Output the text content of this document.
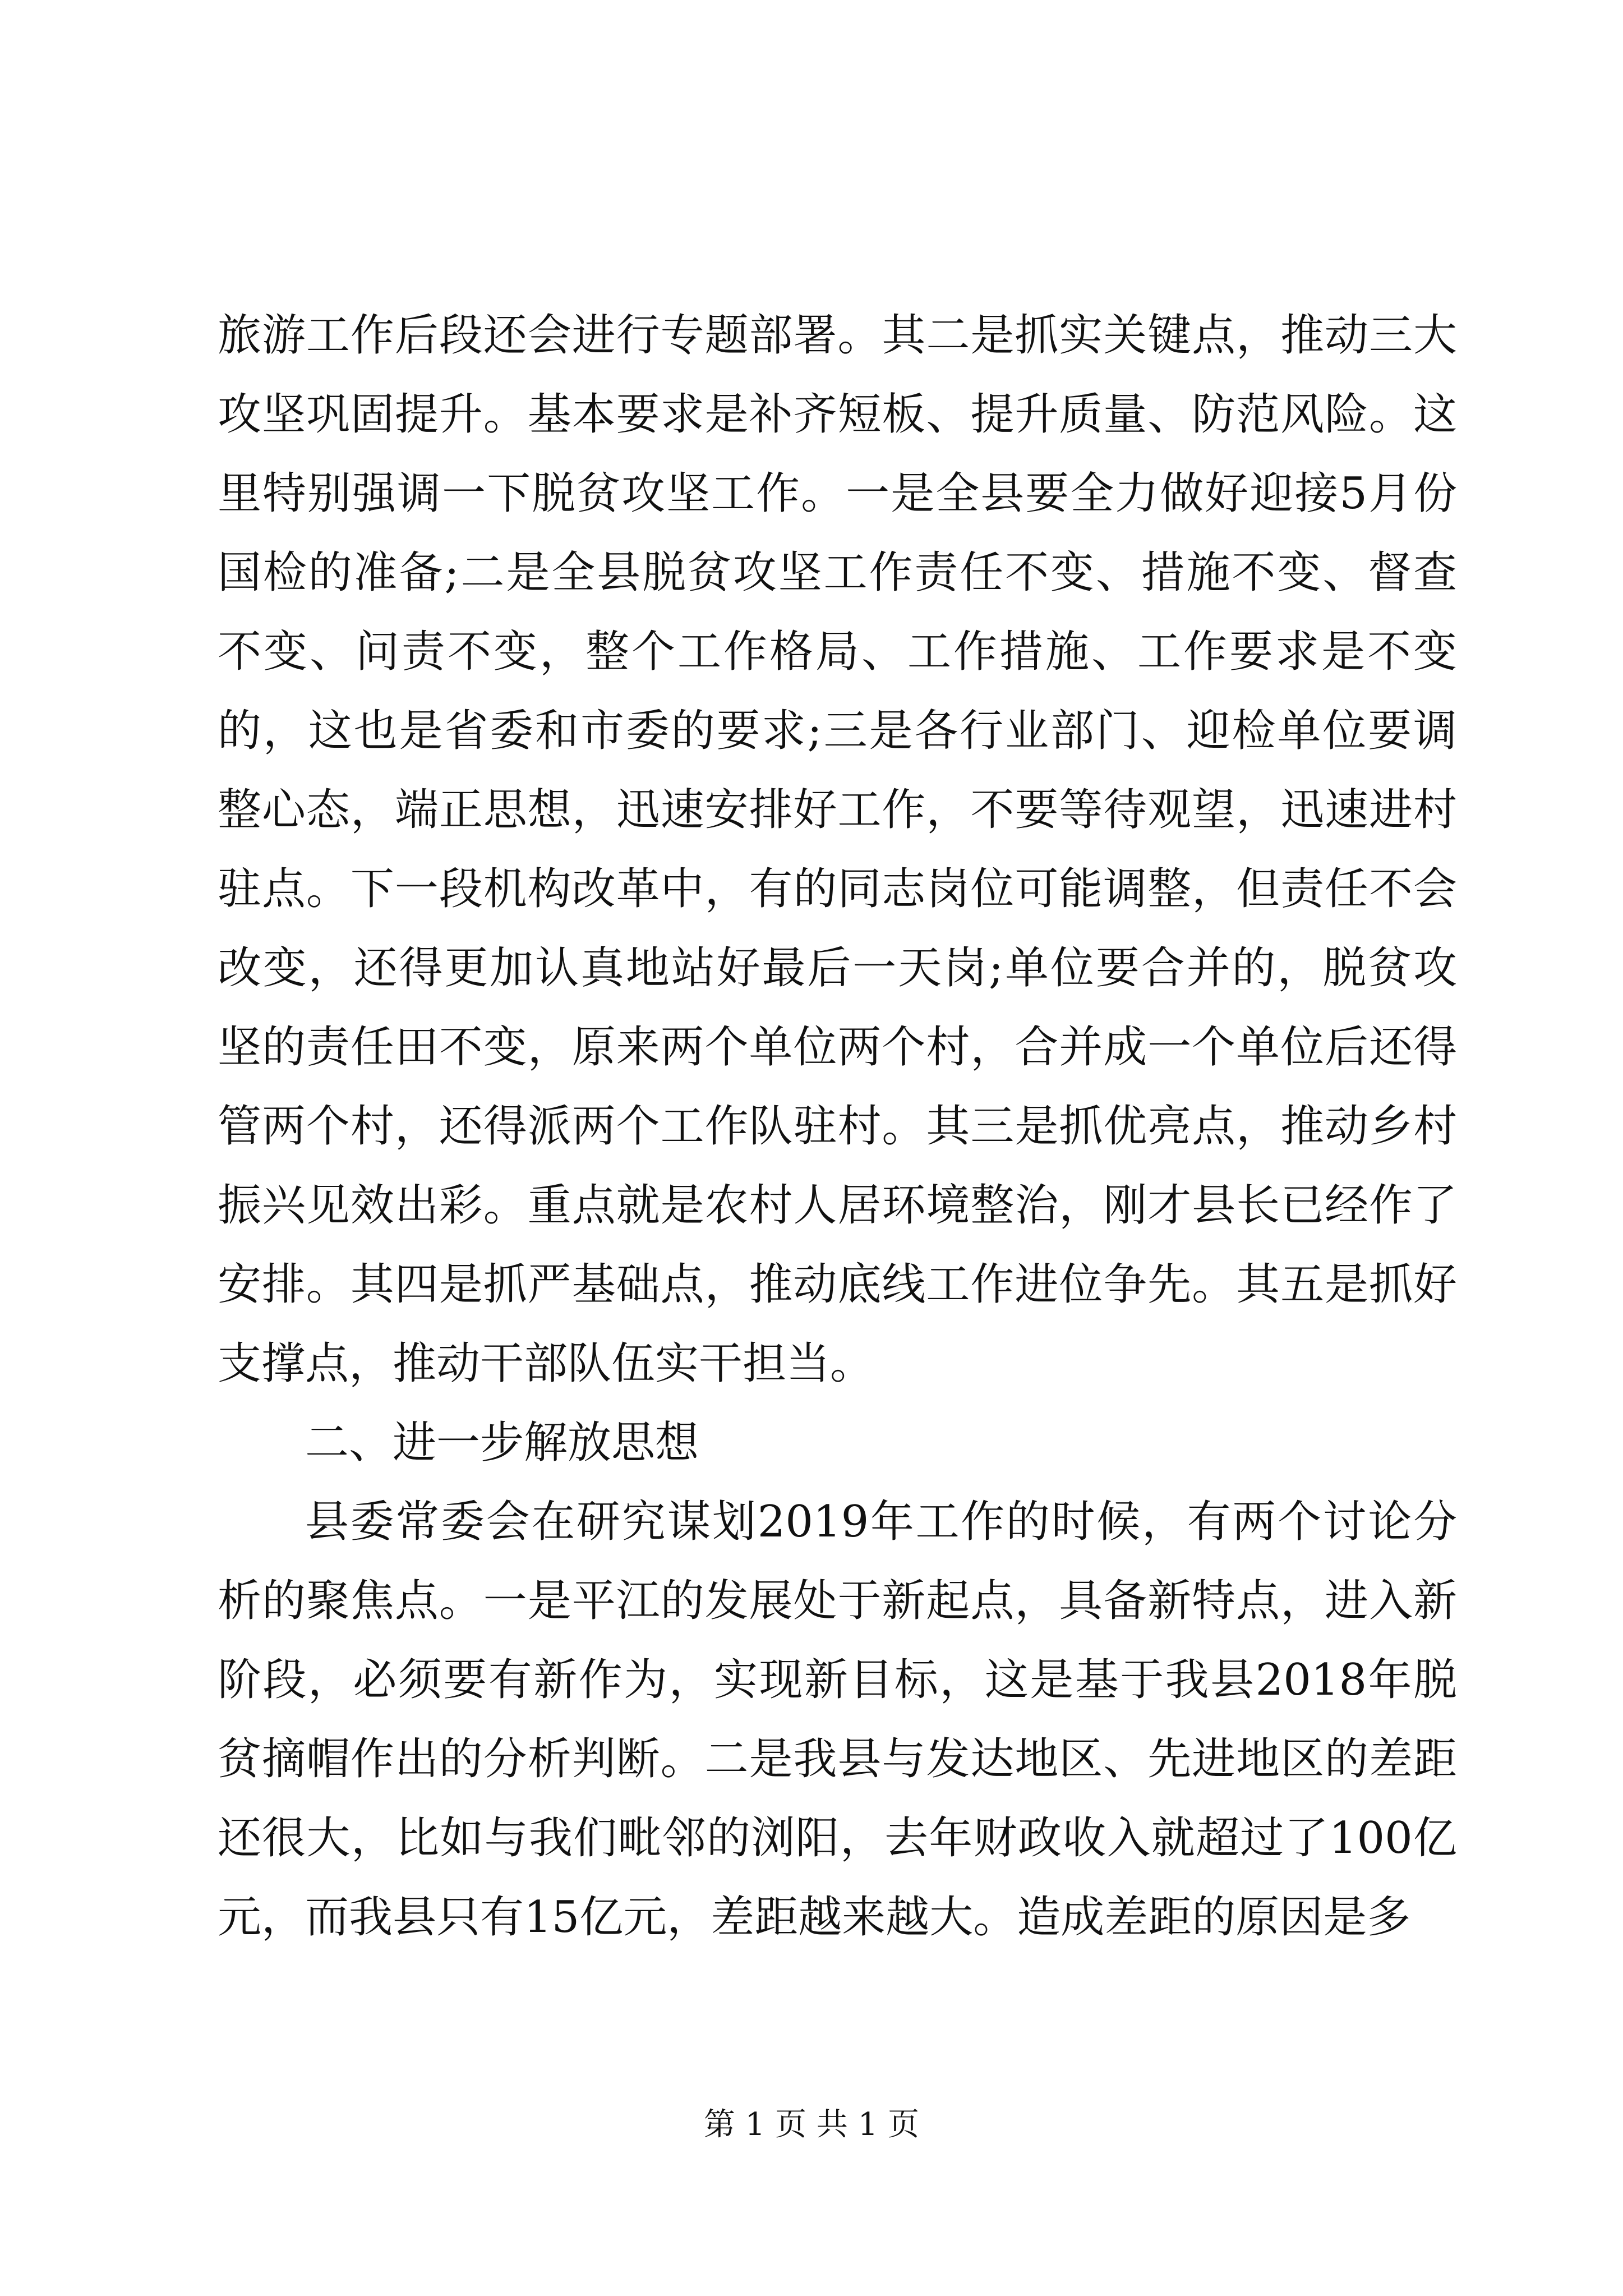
旅游工作后段还会进行专题部署。其二是抓实关键点，推动三大攻坚巩固提升。基本要求是补齐短板、提升质量、防范风险。这里特别强调一下脱贫攻坚工作。一是全县要全力做好迎接5月份国检的准备;二是全县脱贫攻坚工作责任不变、措施不变、督查不变、问责不变，整个工作格局、工作措施、工作要求是不变的，这也是省委和市委的要求;三是各行业部门、迎检单位要调整心态，端正思想，迅速安排好工作，不要等待观望，迅速进村驻点。下一段机构改革中，有的同志岗位可能调整，但责任不会改变，还得更加认真地站好最后一天岗;单位要合并的，脱贫攻坚的责任田不变，原来两个单位两个村，合并成一个单位后还得管两个村，还得派两个工作队驻村。其三是抓优亮点，推动乡村振兴见效出彩。重点就是农村人居环境整治，刚才县长已经作了安排。其四是抓严基础点，推动底线工作进位争先。其五是抓好支撑点，推动干部队伍实干担当。

二、进一步解放思想

县委常委会在研究谋划2019年工作的时候，有两个讨论分析的聚焦点。一是平江的发展处于新起点，具备新特点，进入新阶段，必须要有新作为，实现新目标，这是基于我县2018年脱贫摘帽作出的分析判断。二是我县与发达地区、先进地区的差距还很大，比如与我们毗邻的浏阳，去年财政收入就超过了100亿元，而我县只有15亿元，差距越来越大。造成差距的原因是多

第 1 页 共 1 页
